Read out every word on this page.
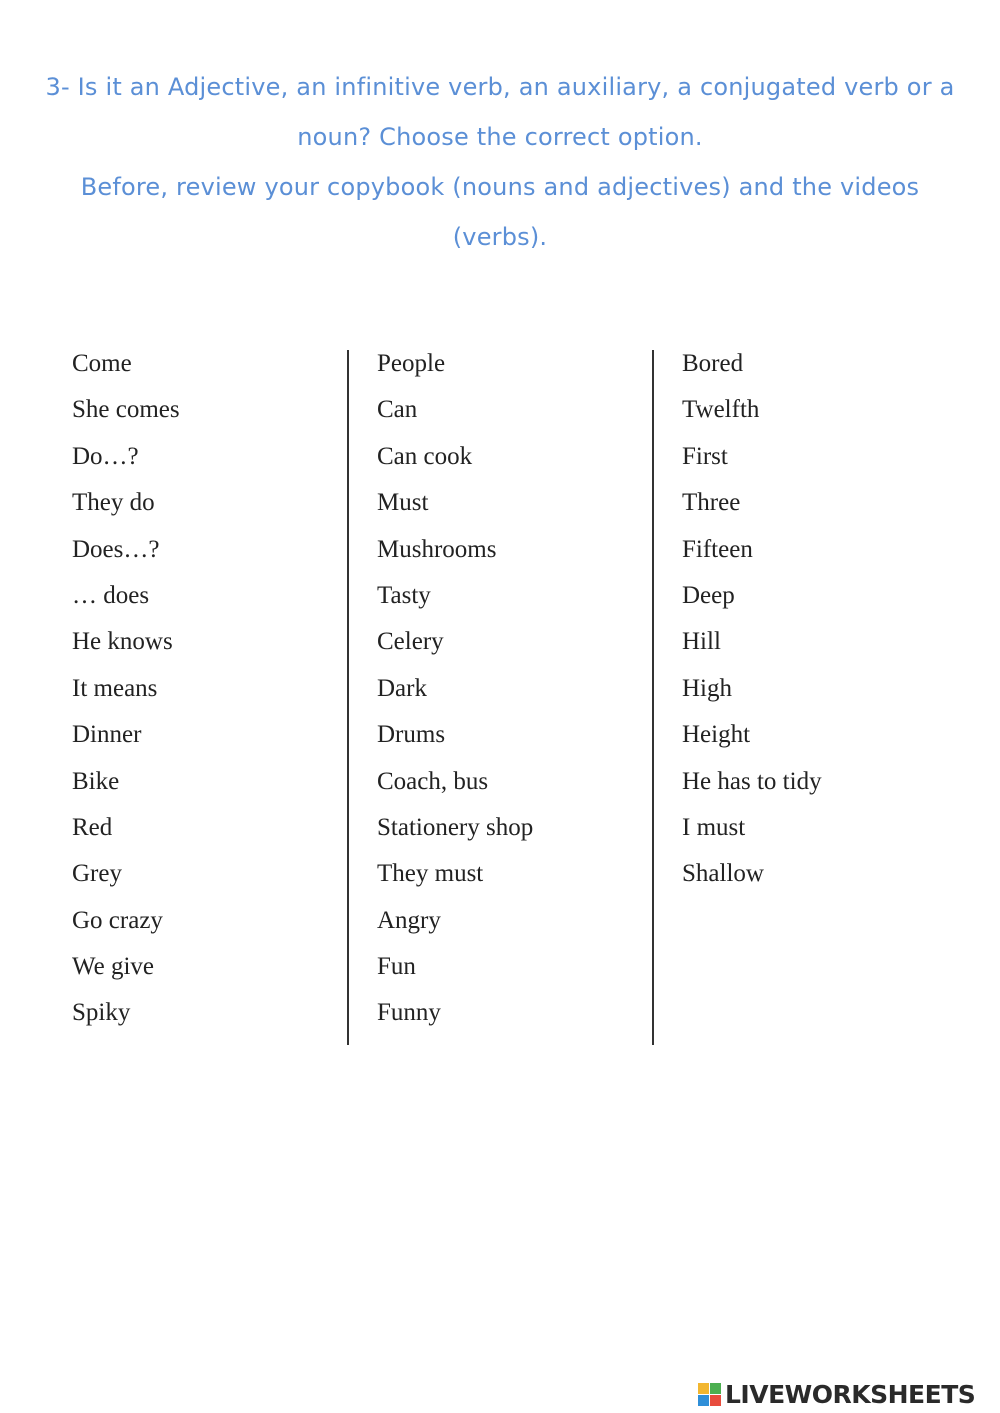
3- Is it an Adjective, an infinitive verb, an auxiliary, a conjugated verb or a
noun? Choose the correct option.
Before, review your copybook (nouns and adjectives) and the videos
(verbs).
Come
She comes
Do…?
They do
Does…?
… does
He knows
It means
Dinner
Bike
Red
Grey
Go crazy
We give
Spiky
People
Can
Can cook
Must
Mushrooms
Tasty
Celery
Dark
Drums
Coach, bus
Stationery shop
They must
Angry
Fun
Funny
Bored
Twelfth
First
Three
Fifteen
Deep
Hill
High
Height
He has to tidy
I must
Shallow
LIVEWORKSHEETS
